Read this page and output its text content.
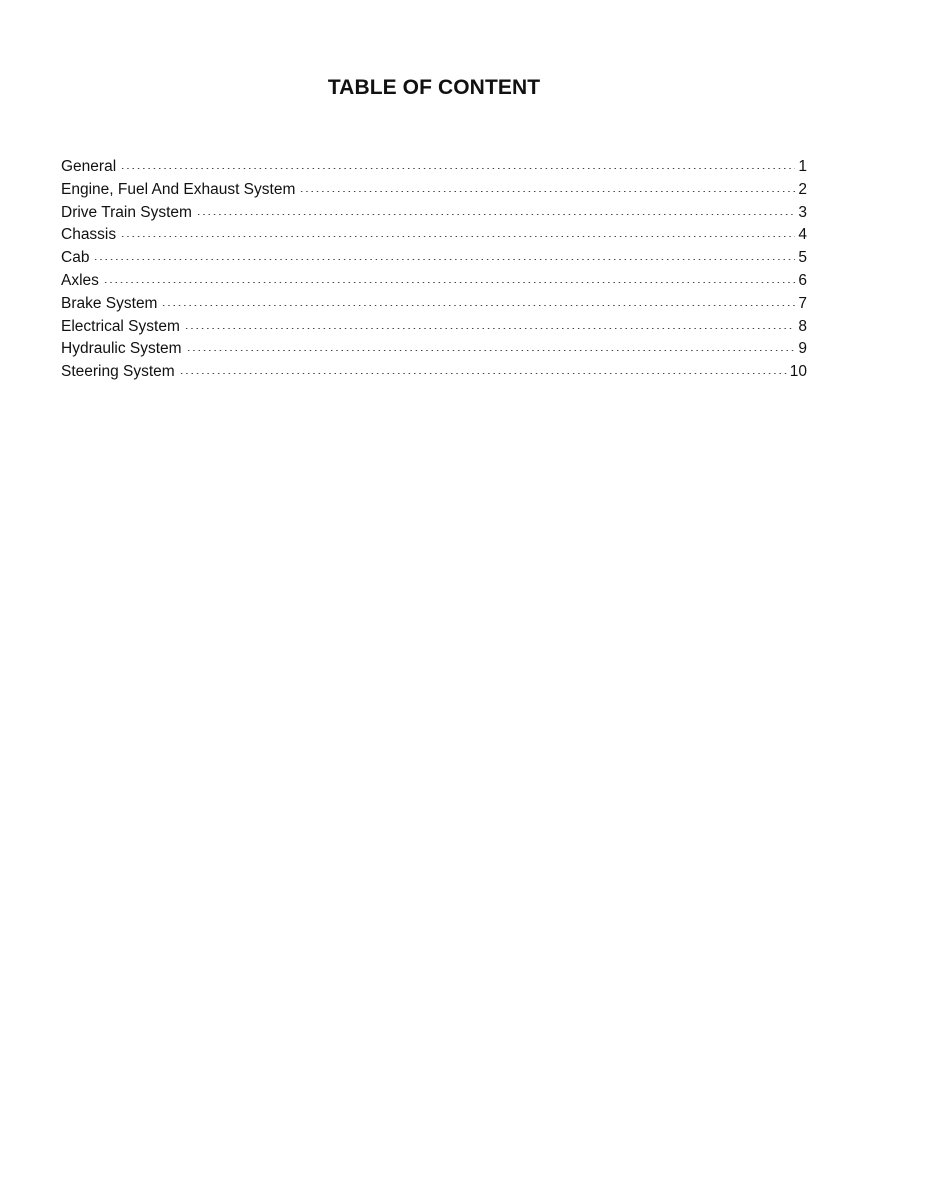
TABLE OF CONTENT
General	1
Engine, Fuel And Exhaust System	2
Drive Train System	3
Chassis	4
Cab	5
Axles	6
Brake System	7
Electrical System	8
Hydraulic System	9
Steering System	10
